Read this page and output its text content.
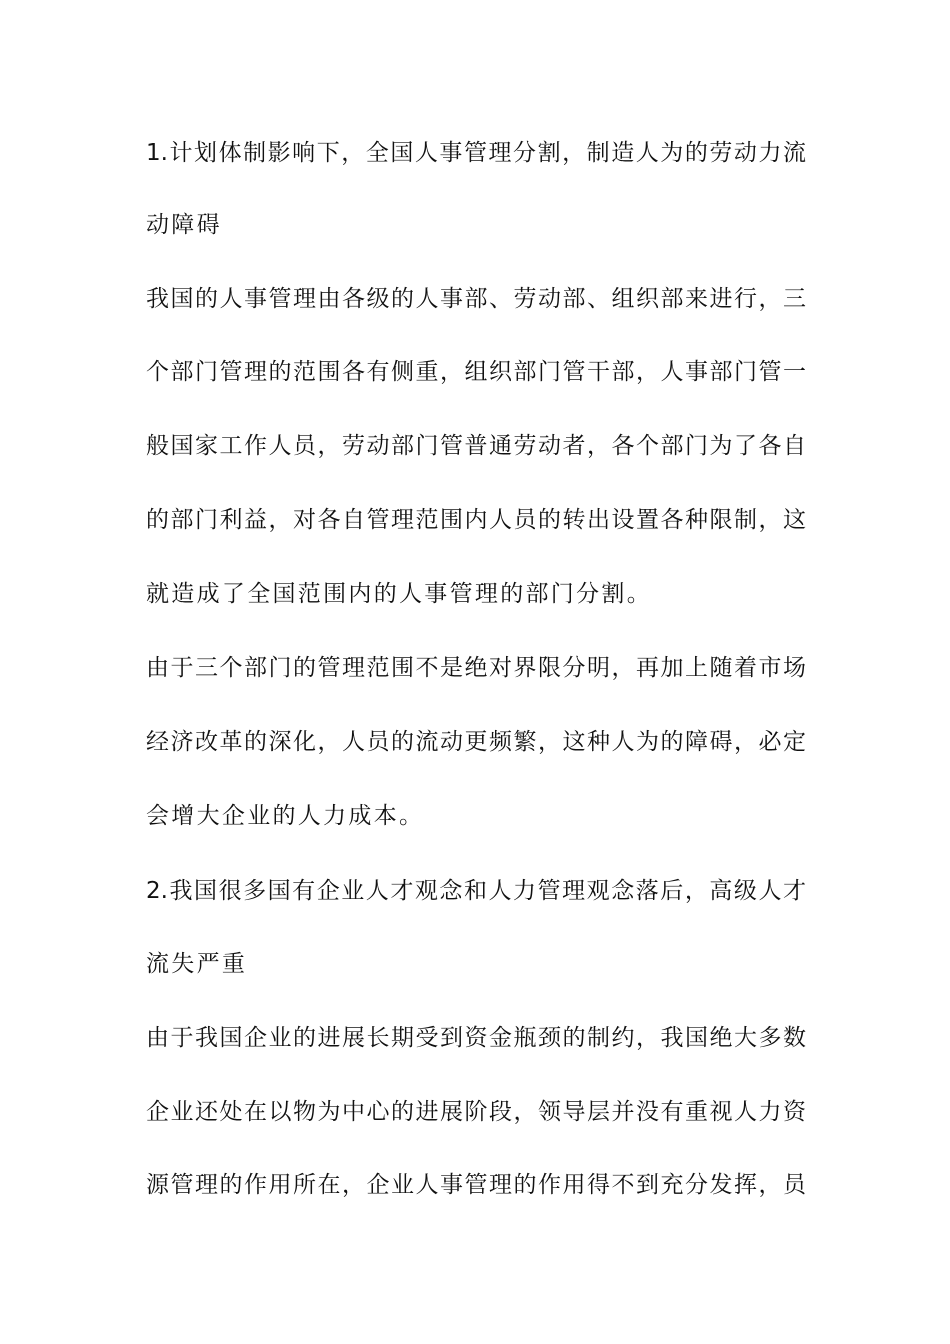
1.计划体制影响下，全国人事管理分割，制造人为的劳动力流
动障碍
我国的人事管理由各级的人事部、劳动部、组织部来进行，三
个部门管理的范围各有侧重，组织部门管干部，人事部门管一
般国家工作人员，劳动部门管普通劳动者，各个部门为了各自
的部门利益，对各自管理范围内人员的转出设置各种限制，这
就造成了全国范围内的人事管理的部门分割。
由于三个部门的管理范围不是绝对界限分明，再加上随着市场
经济改革的深化，人员的流动更频繁，这种人为的障碍，必定
会增大企业的人力成本。
2.我国很多国有企业人才观念和人力管理观念落后，高级人才
流失严重
由于我国企业的进展长期受到资金瓶颈的制约，我国绝大多数
企业还处在以物为中心的进展阶段，领导层并没有重视人力资
源管理的作用所在，企业人事管理的作用得不到充分发挥，员
